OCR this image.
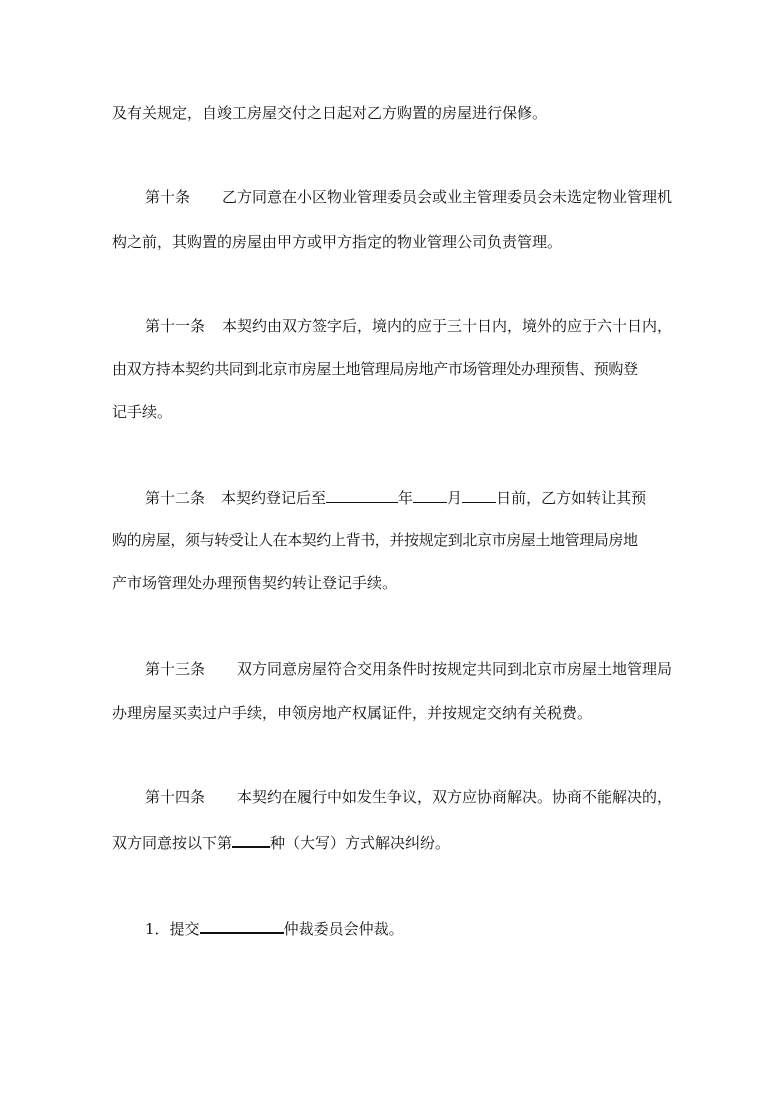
及有关规定，自竣工房屋交付之日起对乙方购置的房屋进行保修。
第十条 乙方同意在小区物业管理委员会或业主管理委员会未选定物业管理机
构之前，其购置的房屋由甲方或甲方指定的物业管理公司负责管理。
第十一条 本契约由双方签字后，境内的应于三十日内，境外的应于六十日内，
由双方持本契约共同到北京市房屋土地管理局房地产市场管理处办理预售、预购登
记手续。
第十二条 本契约登记后至	年 月 日前，乙方如转让其预
购的房屋，须与转受让人在本契约上背书，并按规定到北京市房屋土地管理局房地
产市场管理处办理预售契约转让登记手续。
第十三条 双方同意房屋符合交用条件时按规定共同到北京市房屋土地管理局
办理房屋买卖过户手续，申领房地产权属证件，并按规定交纳有关税费。
第十四条 本契约在履行中如发生争议，双方应协商解决。协商不能解决的，
双方同意按以下第	种（大写）方式解决纠纷。
1．提交	仲裁委员会仲裁。
